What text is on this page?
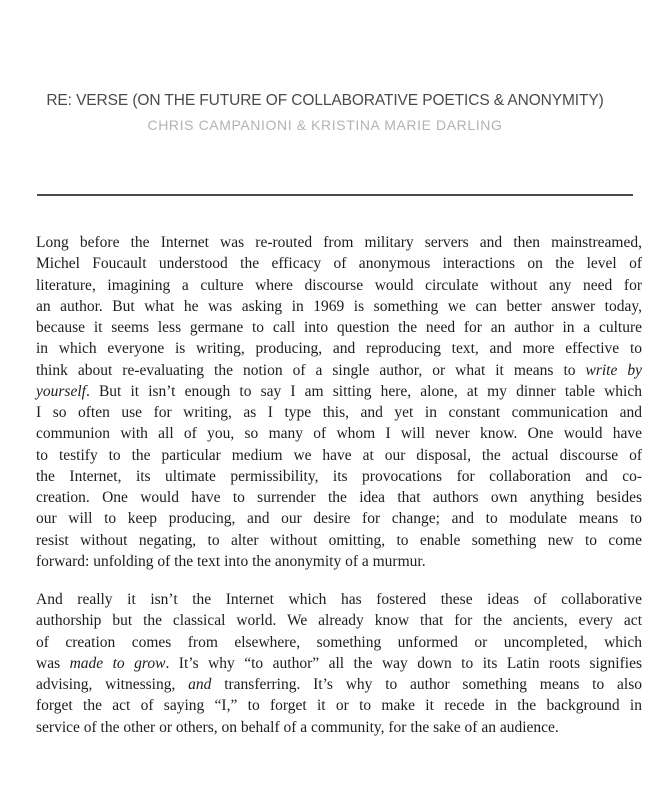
RE: VERSE (ON THE FUTURE OF COLLABORATIVE POETICS & ANONYMITY)
CHRIS CAMPANIONI & KRISTINA MARIE DARLING
Long before the Internet was re-routed from military servers and then mainstreamed,
Michel Foucault understood the efficacy of anonymous interactions on the level of
literature, imagining a culture where discourse would circulate without any need for
an author. But what he was asking in 1969 is something we can better answer today,
because it seems less germane to call into question the need for an author in a culture
in which everyone is writing, producing, and reproducing text, and more effective to
think about re-evaluating the notion of a single author, or what it means to write by
yourself. But it isn’t enough to say I am sitting here, alone, at my dinner table which
I so often use for writing, as I type this, and yet in constant communication and
communion with all of you, so many of whom I will never know. One would have
to testify to the particular medium we have at our disposal, the actual discourse of
the Internet, its ultimate permissibility, its provocations for collaboration and co-
creation. One would have to surrender the idea that authors own anything besides
our will to keep producing, and our desire for change; and to modulate means to
resist without negating, to alter without omitting, to enable something new to come
forward: unfolding of the text into the anonymity of a murmur.
And really it isn’t the Internet which has fostered these ideas of collaborative
authorship but the classical world. We already know that for the ancients, every act
of creation comes from elsewhere, something unformed or uncompleted, which
was made to grow. It’s why “to author” all the way down to its Latin roots signifies
advising, witnessing, and transferring. It’s why to author something means to also
forget the act of saying “I,” to forget it or to make it recede in the background in
service of the other or others, on behalf of a community, for the sake of an audience.
